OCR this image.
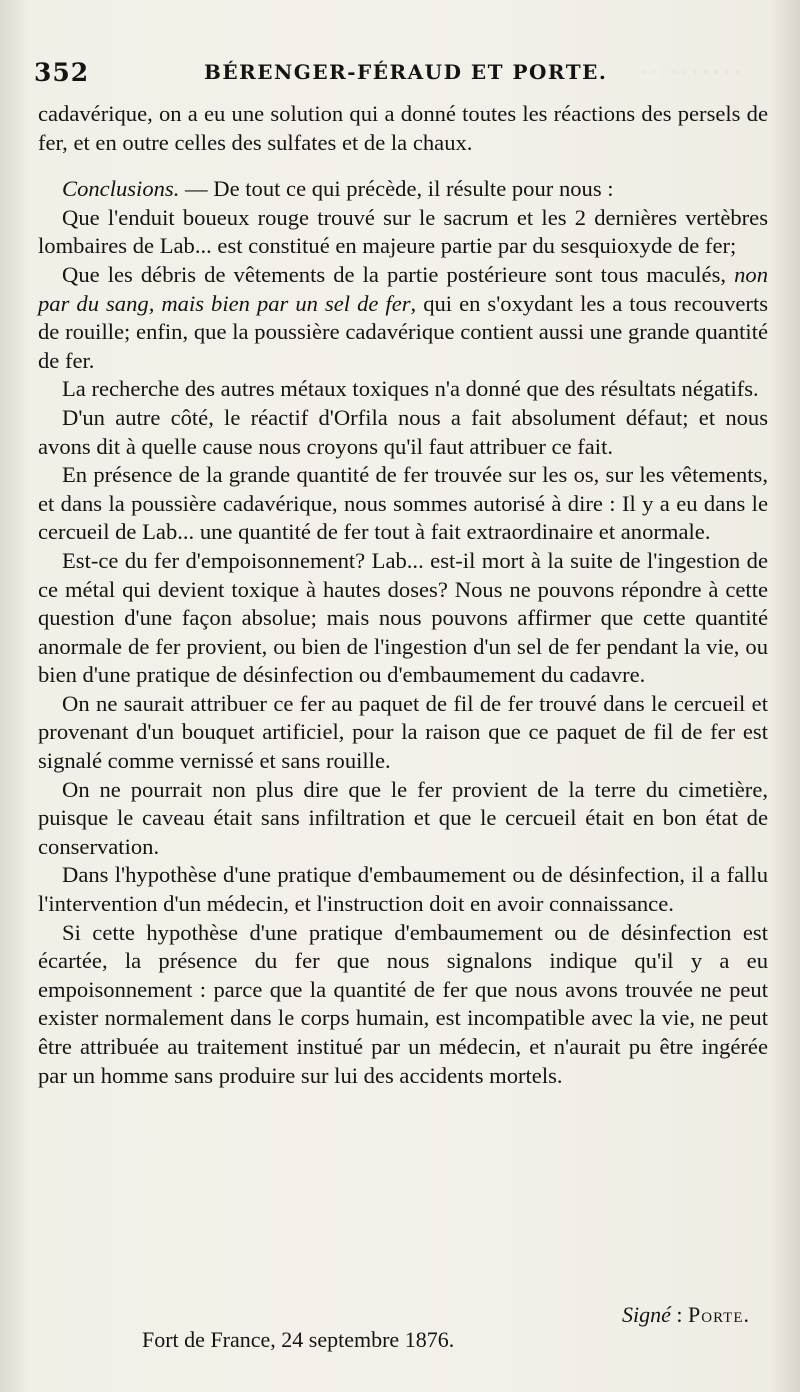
· · · · · · · · · ·
352	BÉRENGER-FÉRAUD ET PORTE.

cadavérique, on a eu une solution qui a donné toutes les réactions des persels de fer, et en outre celles des sulfates et de la chaux.

Conclusions. — De tout ce qui précède, il résulte pour nous :

Que l'enduit boueux rouge trouvé sur le sacrum et les 2 dernières vertèbres lombaires de Lab... est constitué en majeure partie par du sesquioxyde de fer;

Que les débris de vêtements de la partie postérieure sont tous maculés, non par du sang, mais bien par un sel de fer, qui en s'oxydant les a tous recouverts de rouille; enfin, que la poussière cadavérique contient aussi une grande quantité de fer.

La recherche des autres métaux toxiques n'a donné que des résultats négatifs.

D'un autre côté, le réactif d'Orfila nous a fait absolument défaut; et nous avons dit à quelle cause nous croyons qu'il faut attribuer ce fait.

En présence de la grande quantité de fer trouvée sur les os, sur les vêtements, et dans la poussière cadavérique, nous sommes autorisé à dire : Il y a eu dans le cercueil de Lab... une quantité de fer tout à fait extraordinaire et anormale.

Est-ce du fer d'empoisonnement? Lab... est-il mort à la suite de l'ingestion de ce métal qui devient toxique à hautes doses? Nous ne pouvons répondre à cette question d'une façon absolue; mais nous pouvons affirmer que cette quantité anormale de fer provient, ou bien de l'ingestion d'un sel de fer pendant la vie, ou bien d'une pratique de désinfection ou d'embaumement du cadavre.

On ne saurait attribuer ce fer au paquet de fil de fer trouvé dans le cercueil et provenant d'un bouquet artificiel, pour la raison que ce paquet de fil de fer est signalé comme vernissé et sans rouille.

On ne pourrait non plus dire que le fer provient de la terre du cimetière, puisque le caveau était sans infiltration et que le cercueil était en bon état de conservation.

Dans l'hypothèse d'une pratique d'embaumement ou de désinfection, il a fallu l'intervention d'un médecin, et l'instruction doit en avoir connaissance.

Si cette hypothèse d'une pratique d'embaumement ou de désinfection est écartée, la présence du fer que nous signalons indique qu'il y a eu empoisonnement : parce que la quantité de fer que nous avons trouvée ne peut exister normalement dans le corps humain, est incompatible avec la vie, ne peut être attribuée au traitement institué par un médecin, et n'aurait pu être ingérée par un homme sans produire sur lui des accidents mortels.

Signé : Porte.
Fort de France, 24 septembre 1876.
